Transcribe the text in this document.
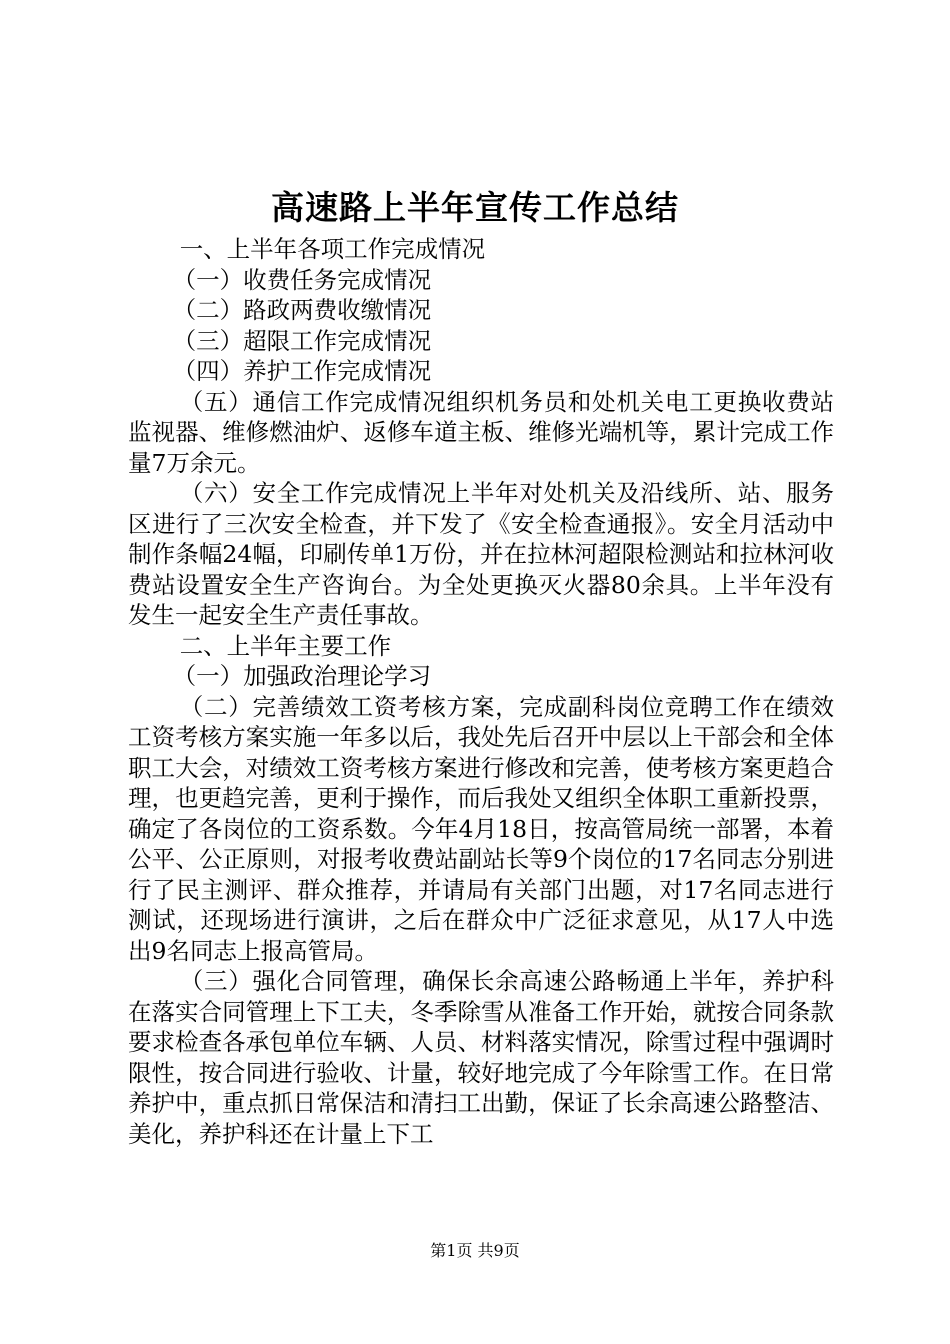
高速路上半年宣传工作总结

一、上半年各项工作完成情况

（一）收费任务完成情况

（二）路政两费收缴情况

（三）超限工作完成情况

（四）养护工作完成情况

（五）通信工作完成情况组织机务员和处机关电工更换收费站监视器、维修燃油炉、返修车道主板、维修光端机等，累计完成工作量7万余元。

（六）安全工作完成情况上半年对处机关及沿线所、站、服务区进行了三次安全检查，并下发了《安全检查通报》。安全月活动中制作条幅24幅，印刷传单1万份，并在拉林河超限检测站和拉林河收费站设置安全生产咨询台。为全处更换灭火器80余具。上半年没有发生一起安全生产责任事故。

二、上半年主要工作

（一）加强政治理论学习

（二）完善绩效工资考核方案，完成副科岗位竞聘工作在绩效工资考核方案实施一年多以后，我处先后召开中层以上干部会和全体职工大会，对绩效工资考核方案进行修改和完善，使考核方案更趋合理，也更趋完善，更利于操作，而后我处又组织全体职工重新投票，确定了各岗位的工资系数。今年4月18日，按高管局统一部署，本着公平、公正原则，对报考收费站副站长等9个岗位的17名同志分别进行了民主测评、群众推荐，并请局有关部门出题，对17名同志进行测试，还现场进行演讲，之后在群众中广泛征求意见，从17人中选出9名同志上报高管局。

（三）强化合同管理，确保长余高速公路畅通上半年，养护科在落实合同管理上下工夫，冬季除雪从准备工作开始，就按合同条款要求检查各承包单位车辆、人员、材料落实情况，除雪过程中强调时限性，按合同进行验收、计量，较好地完成了今年除雪工作。在日常养护中，重点抓日常保洁和清扫工出勤，保证了长余高速公路整洁、美化，养护科还在计量上下工

第1页 共9页
